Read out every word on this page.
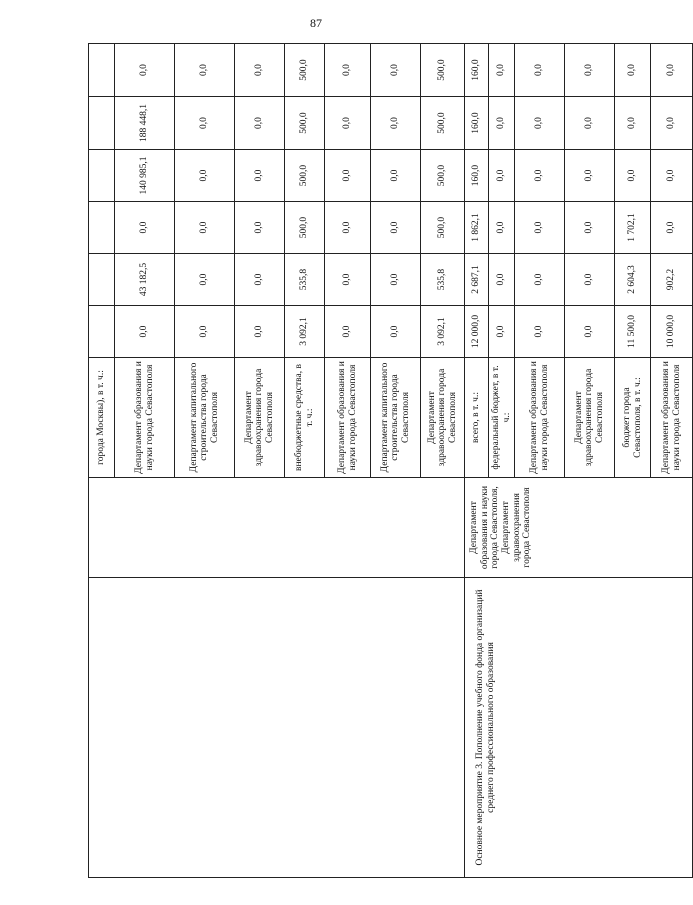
87
		города Москвы), в т. ч.:							
		Департамент образования и науки города Севастополя	0,0	43 182,5	0,0	140 985,1	188 448,1	0,0	
		Департамент капитального строительства города Севастополя	0,0	0,0	0,0	0,0	0,0	0,0	
		Департамент здравоохранения города Севастополя	0,0	0,0	0,0	0,0	0,0	0,0	
		внебюджетные средства, в т. ч.:	3 092,1	535,8	500,0	500,0	500,0	500,0	
		Департамент образования и науки города Севастополя	0,0	0,0	0,0	0,0	0,0	0,0	
		Департамент капитального строительства города Севастополя	0,0	0,0	0,0	0,0	0,0	0,0	
		Департамент здравоохранения города Севастополя	3 092,1	535,8	500,0	500,0	500,0	500,0	
Основное мероприятие 3. Пополнение учебного фонда организаций среднего профессионального образования	Департамент образования и науки города Севастополя, Департамент здравоохранения города Севастополя	всего, в т. ч.:	12 000,0	2 687,1	1 862,1	160,0	160,0	160,0	
		федеральный бюджет, в т. ч.:	0,0	0,0	0,0	0,0	0,0	0,0	
		Департамент образования и науки города Севастополя	0,0	0,0	0,0	0,0	0,0	0,0	
		Департамент здравоохранения города Севастополя	0,0	0,0	0,0	0,0	0,0	0,0	
		бюджет города Севастополя, в т. ч.:	11 500,0	2 604,3	1 702,1	0,0	0,0	0,0	
		Департамент образования и науки города Севастополя	10 000,0	902,2	0,0	0,0	0,0	0,0	
